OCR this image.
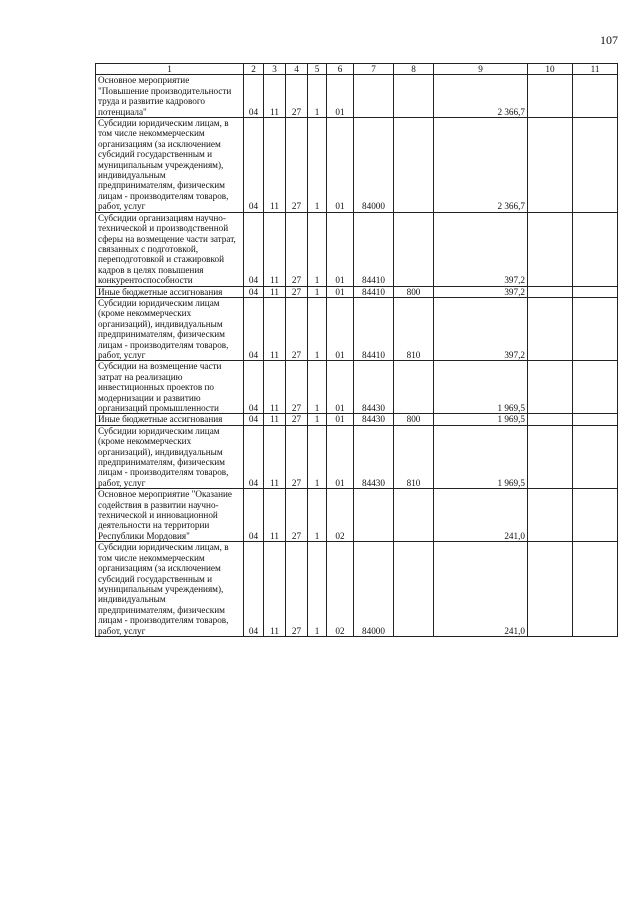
107
1	2	3	4	5	6	7	8	9	10	11
Основное мероприятие "Повышение производительности труда и развитие кадрового потенциала"	04	11	27	1	01			2 366,7		
Субсидии юридическим лицам, в том числе некоммерческим организациям (за исключением субсидий государственным и муниципальным учреждениям), индивидуальным предпринимателям, физическим лицам - производителям товаров, работ, услуг	04	11	27	1	01	84000		2 366,7		
Субсидии организациям научно-технической и производственной сферы на возмещение части затрат, связанных с подготовкой, переподготовкой и стажировкой кадров в целях повышения конкурентоспособности	04	11	27	1	01	84410		397,2		
Иные бюджетные ассигнования	04	11	27	1	01	84410	800	397,2		
Субсидии юридическим лицам (кроме некоммерческих организаций), индивидуальным предпринимателям, физическим лицам - производителям товаров, работ, услуг	04	11	27	1	01	84410	810	397,2		
Субсидии на возмещение части затрат на реализацию инвестиционных проектов по модернизации и развитию организаций промышленности	04	11	27	1	01	84430		1 969,5		
Иные бюджетные ассигнования	04	11	27	1	01	84430	800	1 969,5		
Субсидии юридическим лицам (кроме некоммерческих организаций), индивидуальным предпринимателям, физическим лицам - производителям товаров, работ, услуг	04	11	27	1	01	84430	810	1 969,5		
Основное мероприятие "Оказание содействия в развитии научно-технической и инновационной деятельности на территории Республики Мордовия"	04	11	27	1	02			241,0		
Субсидии юридическим лицам, в том числе некоммерческим организациям (за исключением субсидий государственным и муниципальным учреждениям), индивидуальным предпринимателям, физическим лицам - производителям товаров, работ, услуг	04	11	27	1	02	84000		241,0		
